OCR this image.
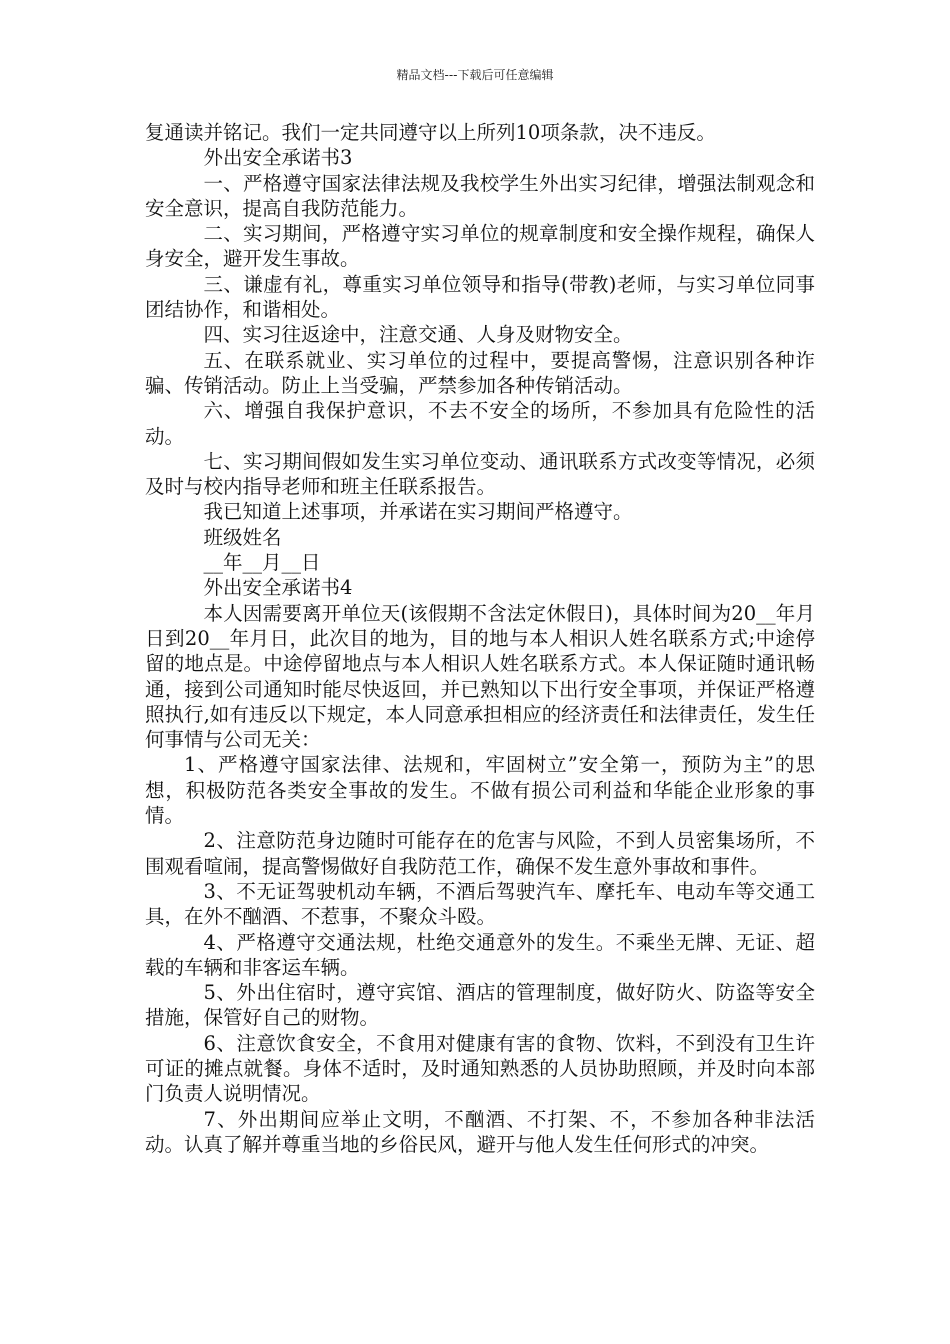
精品文档---下载后可任意编辑

复通读并铭记。我们一定共同遵守以上所列10项条款，决不违反。

外出安全承诺书3

一、严格遵守国家法律法规及我校学生外出实习纪律，增强法制观念和安全意识，提高自我防范能力。

二、实习期间，严格遵守实习单位的规章制度和安全操作规程，确保人身安全，避开发生事故。

三、谦虚有礼，尊重实习单位领导和指导(带教)老师，与实习单位同事团结协作，和谐相处。

四、实习往返途中，注意交通、人身及财物安全。

五、在联系就业、实习单位的过程中，要提高警惕，注意识别各种诈骗、传销活动。防止上当受骗，严禁参加各种传销活动。

六、增强自我保护意识，不去不安全的场所，不参加具有危险性的活动。

七、实习期间假如发生实习单位变动、通讯联系方式改变等情况，必须及时与校内指导老师和班主任联系报告。

我已知道上述事项，并承诺在实习期间严格遵守。

班级姓名

__年__月__日

外出安全承诺书4

本人因需要离开单位天(该假期不含法定休假日)，具体时间为20__年月日到20__年月日，此次目的地为，目的地与本人相识人姓名联系方式;中途停留的地点是。中途停留地点与本人相识人姓名联系方式。本人保证随时通讯畅通，接到公司通知时能尽快返回，并已熟知以下出行安全事项，并保证严格遵照执行,如有违反以下规定，本人同意承担相应的经济责任和法律责任，发生任何事情与公司无关：

1、严格遵守国家法律、法规和，牢固树立”安全第一，预防为主”的思想，积极防范各类安全事故的发生。不做有损公司利益和华能企业形象的事情。

2、注意防范身边随时可能存在的危害与风险，不到人员密集场所，不围观看喧闹，提高警惕做好自我防范工作，确保不发生意外事故和事件。

3、不无证驾驶机动车辆，不酒后驾驶汽车、摩托车、电动车等交通工具，在外不酗酒、不惹事，不聚众斗殴。

4、严格遵守交通法规，杜绝交通意外的发生。不乘坐无牌、无证、超载的车辆和非客运车辆。

5、外出住宿时，遵守宾馆、酒店的管理制度，做好防火、防盗等安全措施，保管好自己的财物。

6、注意饮食安全，不食用对健康有害的食物、饮料，不到没有卫生许可证的摊点就餐。身体不适时，及时通知熟悉的人员协助照顾，并及时向本部门负责人说明情况。

7、外出期间应举止文明，不酗酒、不打架、不，不参加各种非法活动。认真了解并尊重当地的乡俗民风，避开与他人发生任何形式的冲突。
